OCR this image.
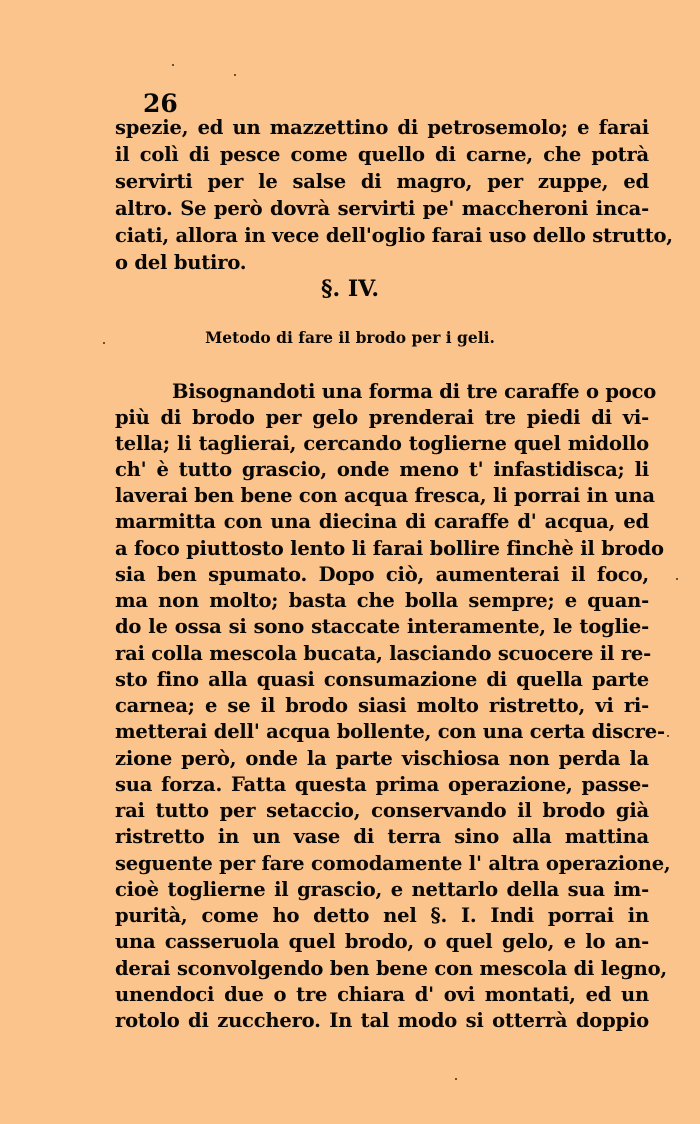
26
spezie, ed un mazzettino di petrosemolo; e farai
il colì di pesce come quello di carne, che potrà
servirti per le salse di magro, per zuppe, ed
altro. Se però dovrà servirti pe' maccheroni inca-
ciati, allora in vece dell'oglio farai uso dello strutto,
o del butiro.
§. IV.
Metodo di fare il brodo per i geli.
Bisognandoti una forma di tre caraffe o poco
più di brodo per gelo prenderai tre piedi di vi-
tella; li taglierai, cercando toglierne quel midollo
ch' è tutto grascio, onde meno t' infastidisca; li
laverai ben bene con acqua fresca, li porrai in una
marmitta con una diecina di caraffe d' acqua, ed
a foco piuttosto lento li farai bollire finchè il brodo
sia ben spumato. Dopo ciò, aumenterai il foco,
ma non molto; basta che bolla sempre; e quan-
do le ossa si sono staccate interamente, le toglie-
rai colla mescola bucata, lasciando scuocere il re-
sto fino alla quasi consumazione di quella parte
carnea; e se il brodo siasi molto ristretto, vi ri-
metterai dell' acqua bollente, con una certa discre-
zione però, onde la parte vischiosa non perda la
sua forza. Fatta questa prima operazione, passe-
rai tutto per setaccio, conservando il brodo già
ristretto in un vase di terra sino alla mattina
seguente per fare comodamente l' altra operazione,
cioè toglierne il grascio, e nettarlo della sua im-
purità, come ho detto nel §. I. Indi porrai in
una casseruola quel brodo, o quel gelo, e lo an-
derai sconvolgendo ben bene con mescola di legno,
unendoci due o tre chiara d' ovi montati, ed un
rotolo di zucchero. In tal modo si otterrà doppio
